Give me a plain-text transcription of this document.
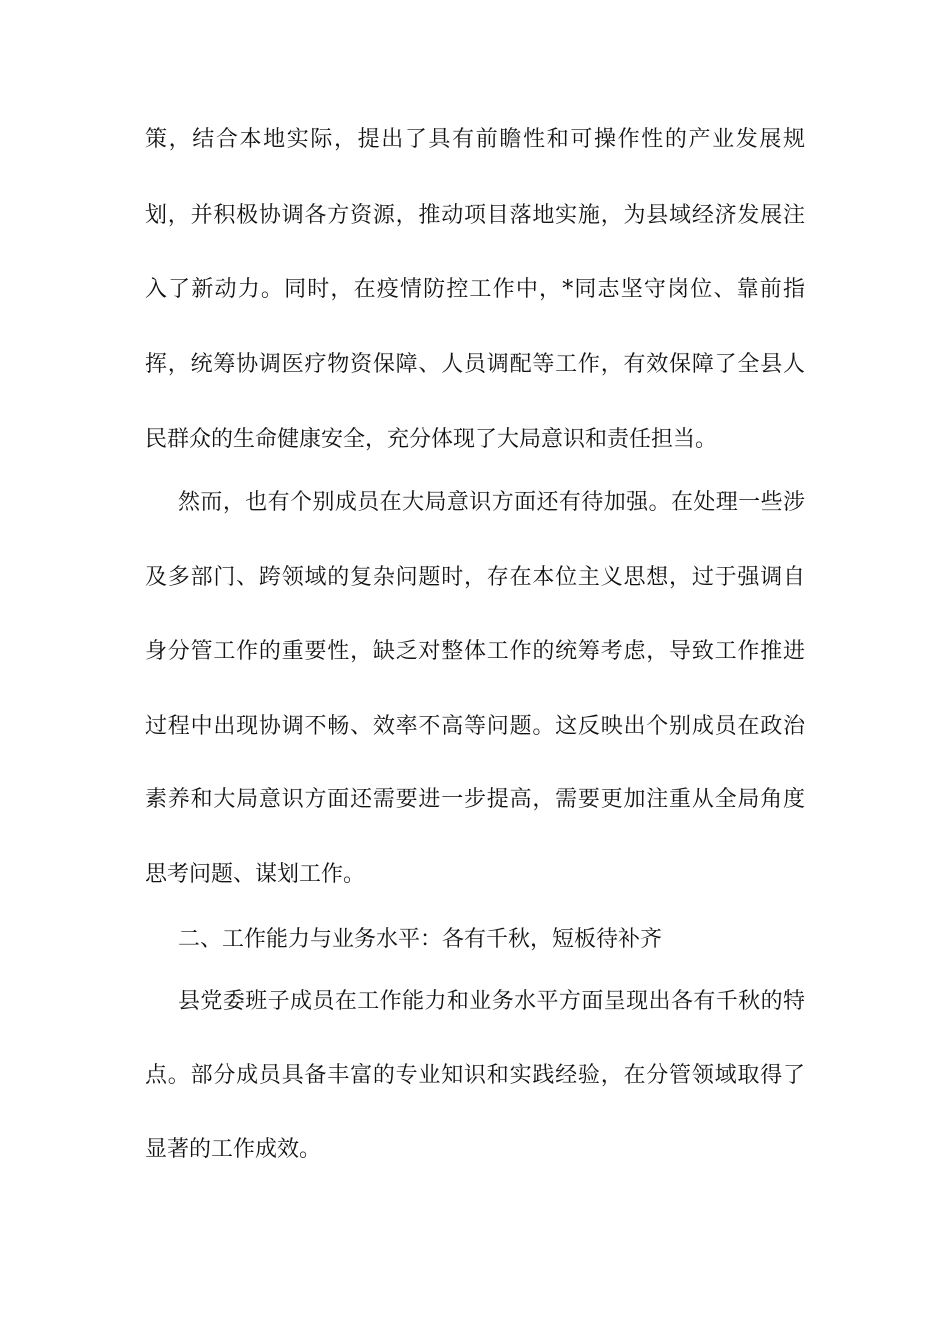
策，结合本地实际，提出了具有前瞻性和可操作性的产业发展规
划，并积极协调各方资源，推动项目落地实施，为县域经济发展注
入了新动力。同时，在疫情防控工作中，*同志坚守岗位、靠前指
挥，统筹协调医疗物资保障、人员调配等工作，有效保障了全县人
民群众的生命健康安全，充分体现了大局意识和责任担当。
然而，也有个别成员在大局意识方面还有待加强。在处理一些涉
及多部门、跨领域的复杂问题时，存在本位主义思想，过于强调自
身分管工作的重要性，缺乏对整体工作的统筹考虑，导致工作推进
过程中出现协调不畅、效率不高等问题。这反映出个别成员在政治
素养和大局意识方面还需要进一步提高，需要更加注重从全局角度
思考问题、谋划工作。
二、工作能力与业务水平：各有千秋，短板待补齐
县党委班子成员在工作能力和业务水平方面呈现出各有千秋的特
点。部分成员具备丰富的专业知识和实践经验，在分管领域取得了
显著的工作成效。
